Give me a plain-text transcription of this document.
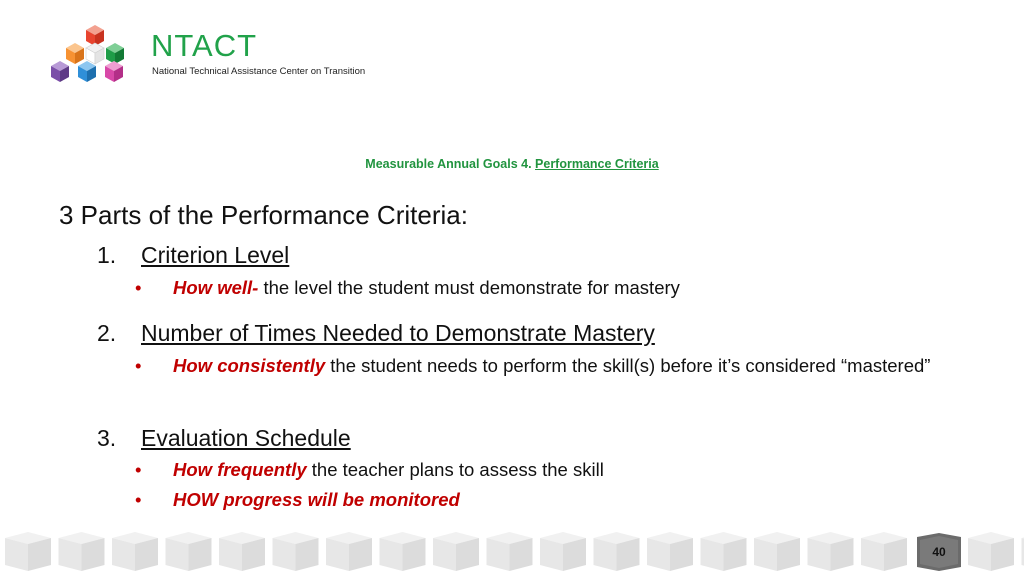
NTACT
National Technical Assistance Center on Transition
Measurable Annual Goals 4. Performance Criteria
3 Parts of the Performance Criteria:
1. Criterion Level
• How well- the level the student must demonstrate for mastery
2. Number of Times Needed to Demonstrate Mastery
• How consistently the student needs to perform the skill(s) before it’s considered “mastered”
3. Evaluation Schedule
• How frequently the teacher plans to assess the skill
• HOW progress will be monitored
40
